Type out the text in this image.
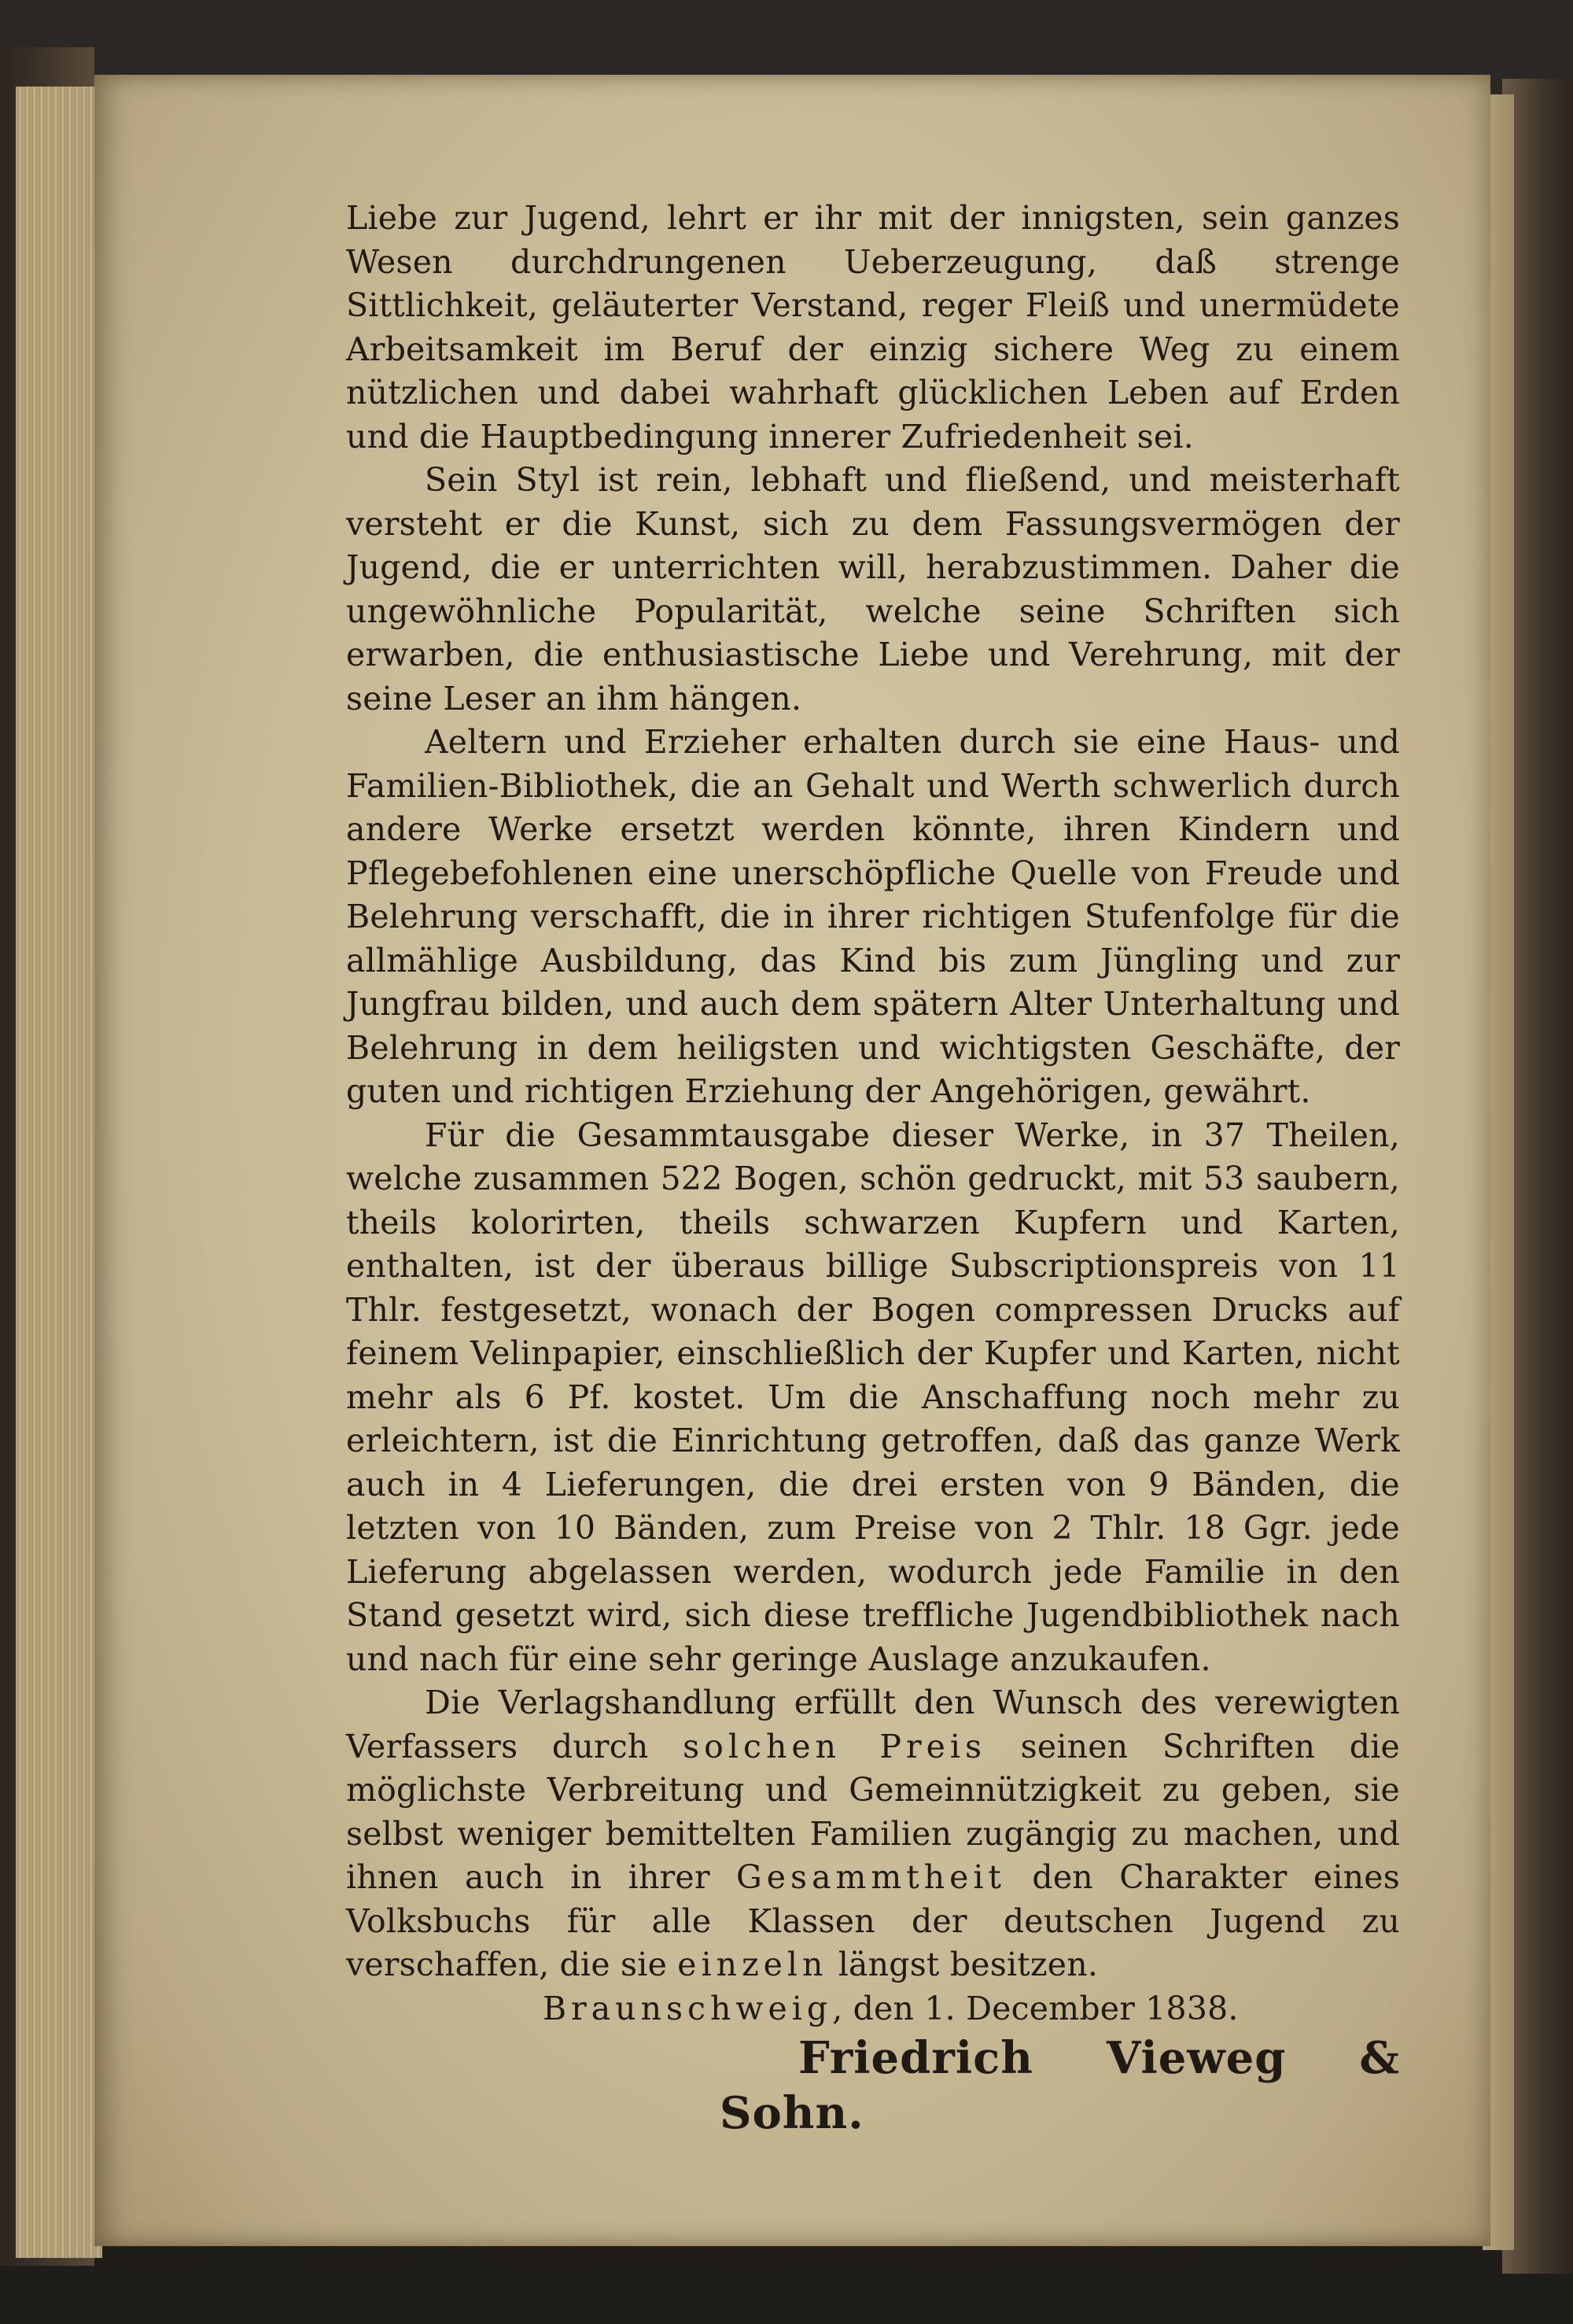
Liebe zur Jugend, lehrt er ihr mit der innigsten, sein ganzes Wesen durchdrungenen Ueberzeugung, daß strenge Sittlichkeit, geläuterter Verstand, reger Fleiß und unermüdete Arbeitsamkeit im Beruf der einzig sichere Weg zu einem nützlichen und dabei wahrhaft glücklichen Leben auf Erden und die Hauptbedingung innerer Zufriedenheit sei.

Sein Styl ist rein, lebhaft und fließend, und meisterhaft versteht er die Kunst, sich zu dem Fassungsvermögen der Jugend, die er unterrichten will, herabzustimmen. Daher die ungewöhnliche Popularität, welche seine Schriften sich erwarben, die enthusiastische Liebe und Verehrung, mit der seine Leser an ihm hängen.

Aeltern und Erzieher erhalten durch sie eine Haus- und Familien-Bibliothek, die an Gehalt und Werth schwerlich durch andere Werke ersetzt werden könnte, ihren Kindern und Pflegebefohlenen eine unerschöpfliche Quelle von Freude und Belehrung verschafft, die in ihrer richtigen Stufenfolge für die allmählige Ausbildung, das Kind bis zum Jüngling und zur Jungfrau bilden, und auch dem spätern Alter Unterhaltung und Belehrung in dem heiligsten und wichtigsten Geschäfte, der guten und richtigen Erziehung der Angehörigen, gewährt.

Für die Gesammtausgabe dieser Werke, in 37 Theilen, welche zusammen 522 Bogen, schön gedruckt, mit 53 saubern, theils kolorirten, theils schwarzen Kupfern und Karten, enthalten, ist der überaus billige Subscriptionspreis von 11 Thlr. festgesetzt, wonach der Bogen compressen Drucks auf feinem Velinpapier, einschließlich der Kupfer und Karten, nicht mehr als 6 Pf. kostet. Um die Anschaffung noch mehr zu erleichtern, ist die Einrichtung getroffen, daß das ganze Werk auch in 4 Lieferungen, die drei ersten von 9 Bänden, die letzten von 10 Bänden, zum Preise von 2 Thlr. 18 Ggr. jede Lieferung abgelassen werden, wodurch jede Familie in den Stand gesetzt wird, sich diese treffliche Jugendbibliothek nach und nach für eine sehr geringe Auslage anzukaufen.

Die Verlagshandlung erfüllt den Wunsch des verewigten Verfassers durch solchen Preis seinen Schriften die möglichste Verbreitung und Gemeinnützigkeit zu geben, sie selbst weniger bemittelten Familien zugängig zu machen, und ihnen auch in ihrer Gesammtheit den Charakter eines Volksbuchs für alle Klassen der deutschen Jugend zu verschaffen, die sie einzeln längst besitzen.

Braunschweig, den 1. December 1838.

Friedrich Vieweg & Sohn.
